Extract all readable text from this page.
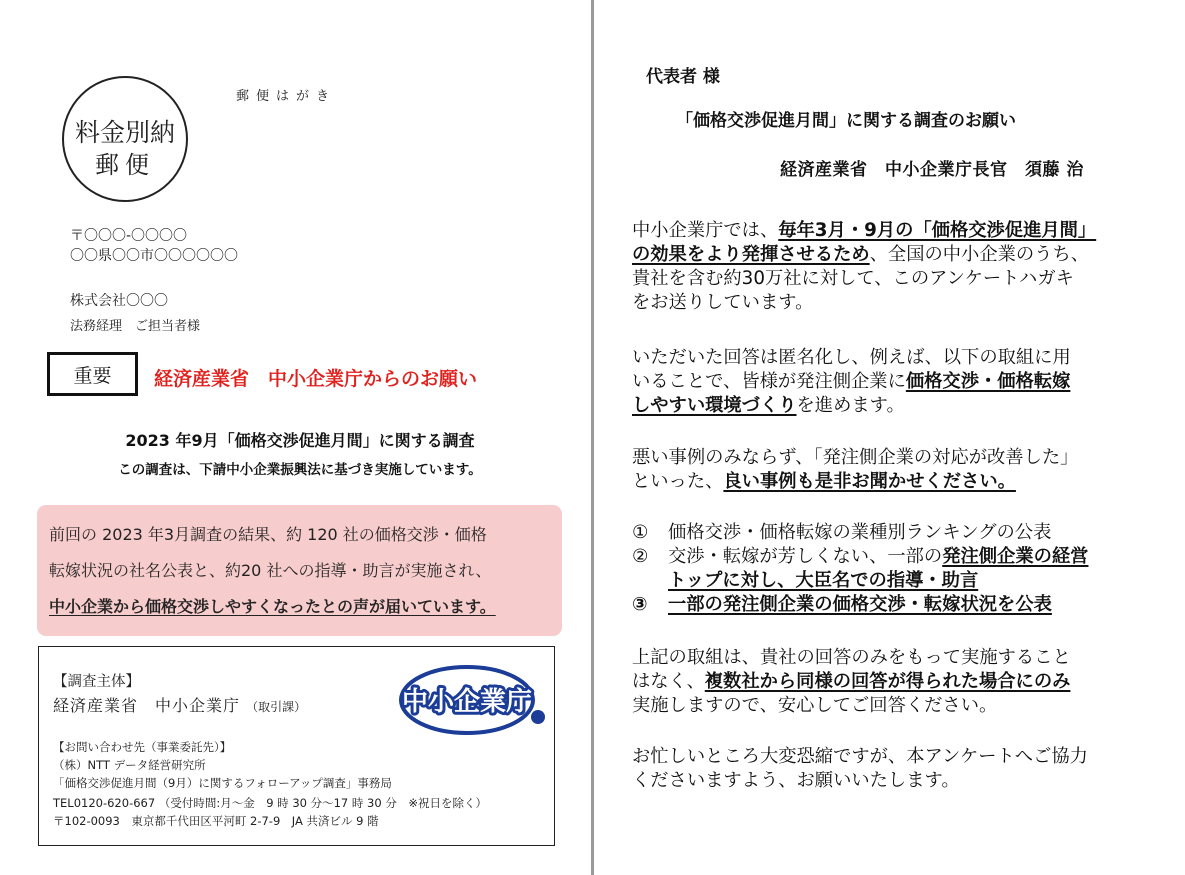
料金別納
郵便
郵便はがき
〒〇〇〇-〇〇〇〇
〇〇県〇〇市〇〇〇〇〇〇
株式会社〇〇〇
法務経理　ご担当者様
重要	経済産業省　中小企業庁からのお願い
2023 年9月「価格交渉促進月間」に関する調査
この調査は、下請中小企業振興法に基づき実施しています。
前回の 2023 年3月調査の結果、約 120 社の価格交渉・価格
転嫁状況の社名公表と、約20 社への指導・助言が実施され、
中小企業から価格交渉しやすくなったとの声が届いています。
【調査主体】
経済産業省　中小企業庁 （取引課）
【お問い合わせ先（事業委託先）】
（株）NTT データ経営研究所
「価格交渉促進月間（9月）に関するフォローアップ調査」事務局
TEL0120-620-667 （受付時間:月～金　9 時 30 分～17 時 30 分　※祝日を除く）
〒102-0093　東京都千代田区平河町 2-7-9　JA 共済ビル 9 階
中小企業庁
代表者 様
「価格交渉促進月間」に関する調査のお願い
経済産業省　中小企業庁長官　須藤 治
中小企業庁では、毎年3月・9月の「価格交渉促進月間」
の効果をより発揮させるため、全国の中小企業のうち、
貴社を含む約30万社に対して、このアンケートハガキ
をお送りしています。
いただいた回答は匿名化し、例えば、以下の取組に用
いることで、皆様が発注側企業に価格交渉・価格転嫁
しやすい環境づくりを進めます。
悪い事例のみならず、「発注側企業の対応が改善した」
といった、良い事例も是非お聞かせください。
① 価格交渉・価格転嫁の業種別ランキングの公表
② 交渉・転嫁が芳しくない、一部の発注側企業の経営
トップに対し、大臣名での指導・助言
③ 一部の発注側企業の価格交渉・転嫁状況を公表
上記の取組は、貴社の回答のみをもって実施すること
はなく、複数社から同様の回答が得られた場合にのみ
実施しますので、安心してご回答ください。
お忙しいところ大変恐縮ですが、本アンケートへご協力
くださいますよう、お願いいたします。
